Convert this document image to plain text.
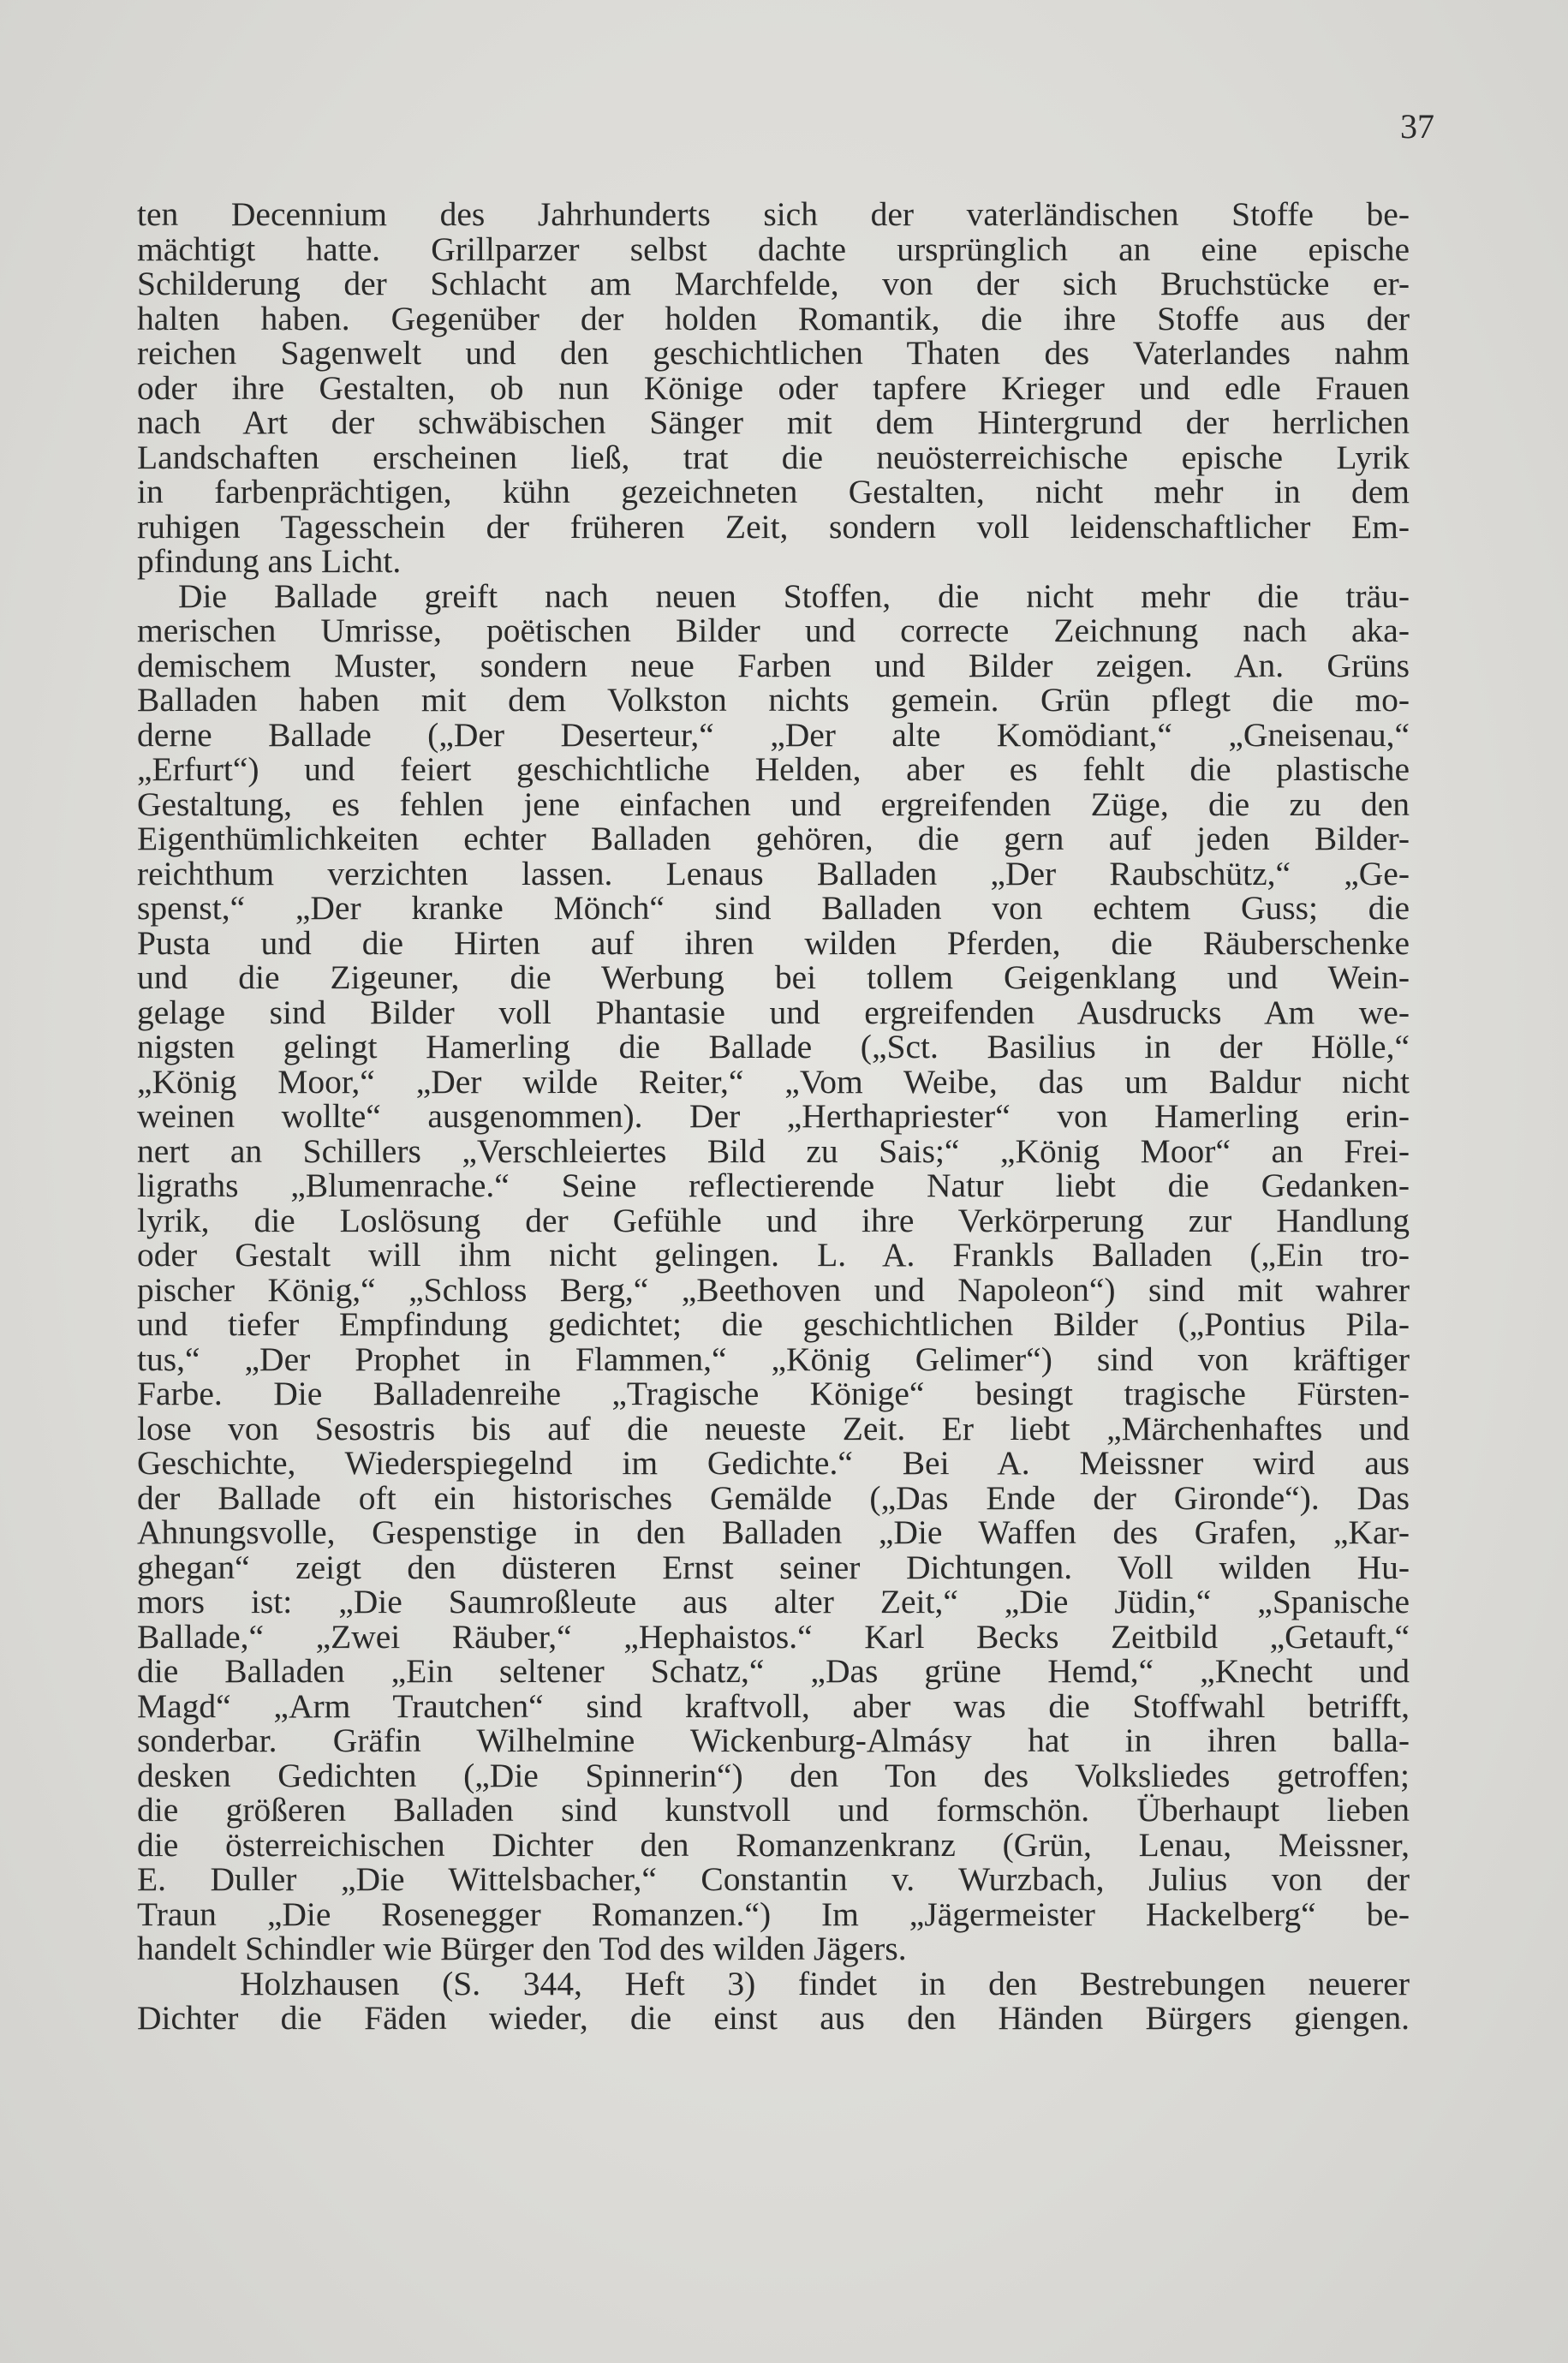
37
ten Decennium des Jahrhunderts sich der vaterländischen Stoffe be-
mächtigt hatte. Grillparzer selbst dachte ursprünglich an eine epische
Schilderung der Schlacht am Marchfelde, von der sich Bruchstücke er-
halten haben. Gegenüber der holden Romantik, die ihre Stoffe aus der
reichen Sagenwelt und den geschichtlichen Thaten des Vaterlandes nahm
oder ihre Gestalten, ob nun Könige oder tapfere Krieger und edle Frauen
nach Art der schwäbischen Sänger mit dem Hintergrund der herrlichen
Landschaften erscheinen ließ, trat die neuösterreichische epische Lyrik
in farbenprächtigen, kühn gezeichneten Gestalten, nicht mehr in dem
ruhigen Tagesschein der früheren Zeit, sondern voll leidenschaftlicher Em-
pfindung ans Licht.
Die Ballade greift nach neuen Stoffen, die nicht mehr die träu-
merischen Umrisse, poëtischen Bilder und correcte Zeichnung nach aka-
demischem Muster, sondern neue Farben und Bilder zeigen. An. Grüns
Balladen haben mit dem Volkston nichts gemein. Grün pflegt die mo-
derne Ballade („Der Deserteur,“ „Der alte Komödiant,“ „Gneisenau,“
„Erfurt“) und feiert geschichtliche Helden, aber es fehlt die plastische
Gestaltung, es fehlen jene einfachen und ergreifenden Züge, die zu den
Eigenthümlichkeiten echter Balladen gehören, die gern auf jeden Bilder-
reichthum verzichten lassen. Lenaus Balladen „Der Raubschütz,“ „Ge-
spenst,“ „Der kranke Mönch“ sind Balladen von echtem Guss; die
Pusta und die Hirten auf ihren wilden Pferden, die Räuberschenke
und die Zigeuner, die Werbung bei tollem Geigenklang und Wein-
gelage sind Bilder voll Phantasie und ergreifenden Ausdrucks Am we-
nigsten gelingt Hamerling die Ballade („Sct. Basilius in der Hölle,“
„König Moor,“ „Der wilde Reiter,“ „Vom Weibe, das um Baldur nicht
weinen wollte“ ausgenommen). Der „Herthapriester“ von Hamerling erin-
nert an Schillers „Verschleiertes Bild zu Sais;“ „König Moor“ an Frei-
ligraths „Blumenrache.“ Seine reflectierende Natur liebt die Gedanken-
lyrik, die Loslösung der Gefühle und ihre Verkörperung zur Handlung
oder Gestalt will ihm nicht gelingen. L. A. Frankls Balladen („Ein tro-
pischer König,“ „Schloss Berg,“ „Beethoven und Napoleon“) sind mit wahrer
und tiefer Empfindung gedichtet; die geschichtlichen Bilder („Pontius Pila-
tus,“ „Der Prophet in Flammen,“ „König Gelimer“) sind von kräftiger
Farbe. Die Balladenreihe „Tragische Könige“ besingt tragische Fürsten-
lose von Sesostris bis auf die neueste Zeit. Er liebt „Märchenhaftes und
Geschichte, Wiederspiegelnd im Gedichte.“ Bei A. Meissner wird aus
der Ballade oft ein historisches Gemälde („Das Ende der Gironde“). Das
Ahnungsvolle, Gespenstige in den Balladen „Die Waffen des Grafen, „Kar-
ghegan“ zeigt den düsteren Ernst seiner Dichtungen. Voll wilden Hu-
mors ist: „Die Saumroßleute aus alter Zeit,“ „Die Jüdin,“ „Spanische
Ballade,“ „Zwei Räuber,“ „Hephaistos.“ Karl Becks Zeitbild „Getauft,“
die Balladen „Ein seltener Schatz,“ „Das grüne Hemd,“ „Knecht und
Magd“ „Arm Trautchen“ sind kraftvoll, aber was die Stoffwahl betrifft,
sonderbar. Gräfin Wilhelmine Wickenburg-Almásy hat in ihren balla-
desken Gedichten („Die Spinnerin“) den Ton des Volksliedes getroffen;
die größeren Balladen sind kunstvoll und formschön. Überhaupt lieben
die österreichischen Dichter den Romanzenkranz (Grün, Lenau, Meissner,
E. Duller „Die Wittelsbacher,“ Constantin v. Wurzbach, Julius von der
Traun „Die Rosenegger Romanzen.“) Im „Jägermeister Hackelberg“ be-
handelt Schindler wie Bürger den Tod des wilden Jägers.
Holzhausen (S. 344, Heft 3) findet in den Bestrebungen neuerer
Dichter die Fäden wieder, die einst aus den Händen Bürgers giengen.
